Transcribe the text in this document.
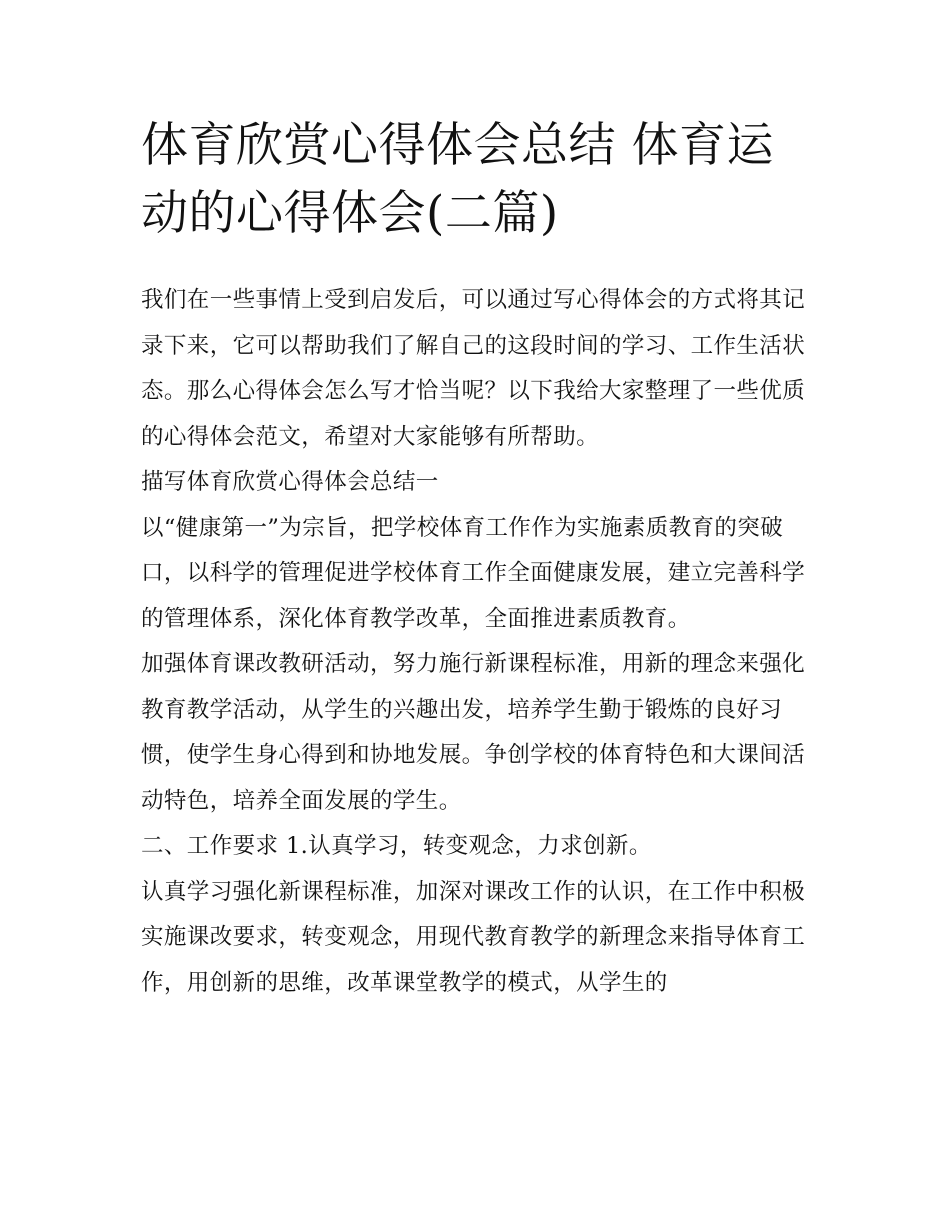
体育欣赏心得体会总结 体育运动的心得体会(二篇)

我们在一些事情上受到启发后，可以通过写心得体会的方式将其记录下来，它可以帮助我们了解自己的这段时间的学习、工作生活状态。那么心得体会怎么写才恰当呢？以下我给大家整理了一些优质的心得体会范文，希望对大家能够有所帮助。

描写体育欣赏心得体会总结一

以“健康第一”为宗旨，把学校体育工作作为实施素质教育的突破口，以科学的管理促进学校体育工作全面健康发展，建立完善科学的管理体系，深化体育教学改革，全面推进素质教育。

加强体育课改教研活动，努力施行新课程标准，用新的理念来强化教育教学活动，从学生的兴趣出发，培养学生勤于锻炼的良好习惯，使学生身心得到和协地发展。争创学校的体育特色和大课间活动特色，培养全面发展的学生。

二、工作要求 1.认真学习，转变观念，力求创新。

认真学习强化新课程标准，加深对课改工作的认识，在工作中积极实施课改要求，转变观念，用现代教育教学的新理念来指导体育工作，用创新的思维，改革课堂教学的模式，从学生的
